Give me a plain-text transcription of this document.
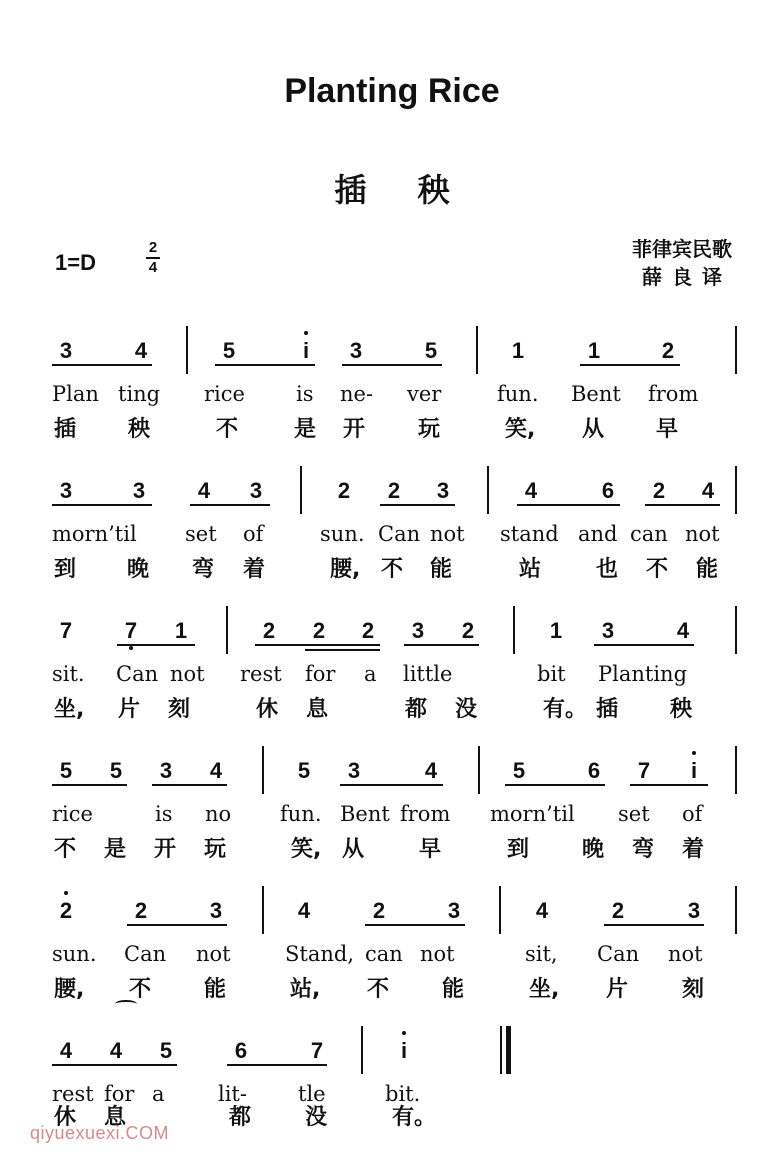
Planting Rice
插 秧
1=D
2
4
菲律宾民歌
薛良译
3	4	5	i	3	5	1	1	2
Plan ting rice is ne- ver	fun. Bent from
插 秧	不	是 开 玩	笑, 从 早
3	3 4 3	2 2 3	4	6 2 4
morn’til set of	sun. Can not stand and can not
到 晚 弯 着	腰, 不 能	站 也 不 能
7 7 1	2 2 2 3 2	1 3	4
sit. Can not rest for a little	bit Planting
坐, 片 刻	休 息	都 没	有。 插 秧
5 5 3 4	5 3	4	5	6 7	i
rice	is no fun. Bent from morn’til set of
不 是 开 玩	笑, 从 早	到 晚 弯 着
2	2	3	4	2	3	4	2	3
sun. Can not	Stand, can not	sit, Can not
腰, 不 能	站, 不 能	坐, 片 刻
4 4 5	6	7	i
rest for a	lit- tle	bit.
休 息	都 没	有。
qiyuexuexi.COM
